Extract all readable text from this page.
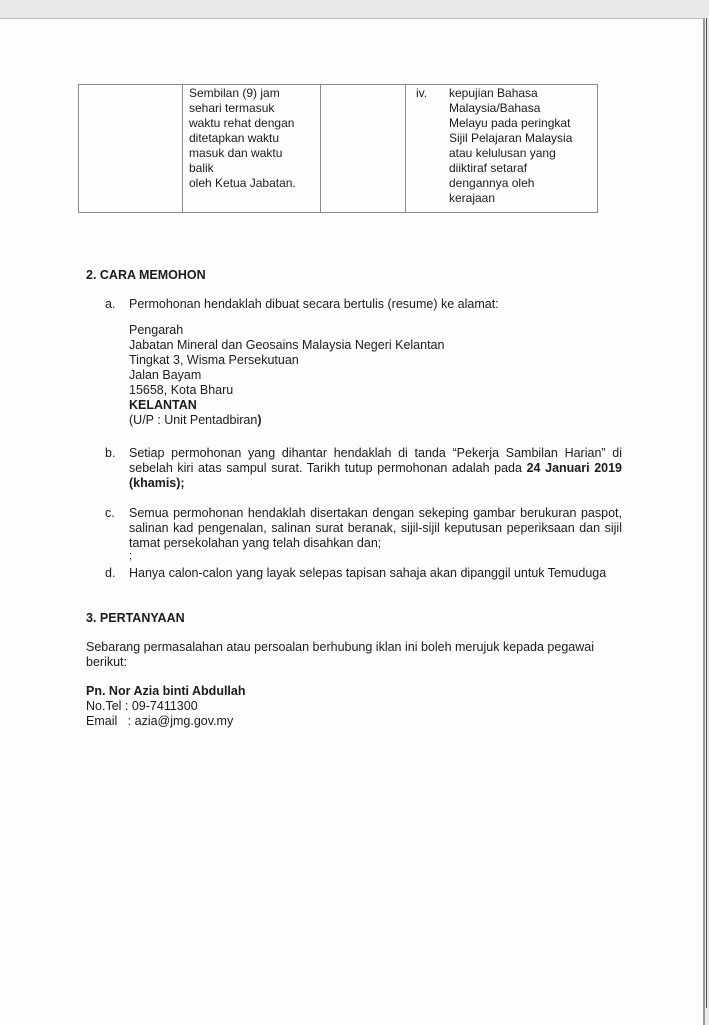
Sembilan (9) jam
sehari termasuk
waktu rehat dengan
ditetapkan waktu
masuk dan waktu
balik
oleh Ketua Jabatan.
		iv.	kepujian Bahasa
Malaysia/Bahasa
Melayu pada peringkat
Sijil Pelajaran Malaysia
atau kelulusan yang
diiktiraf setaraf
dengannya oleh
kerajaan
2. CARA MEMOHON
a. Permohonan hendaklah dibuat secara bertulis (resume) ke alamat:
Pengarah
Jabatan Mineral dan Geosains Malaysia Negeri Kelantan
Tingkat 3, Wisma Persekutuan
Jalan Bayam
15658, Kota Bharu
KELANTAN
(U/P : Unit Pentadbiran)
b. Setiap permohonan yang dihantar hendaklah di tanda “Pekerja Sambilan Harian” di sebelah kiri atas sampul surat. Tarikh tutup permohonan adalah pada 24 Januari 2019 (khamis);
c. Semua permohonan hendaklah disertakan dengan sekeping gambar berukuran paspot, salinan kad pengenalan, salinan surat beranak, sijil-sijil keputusan peperiksaan dan sijil tamat persekolahan yang telah disahkan dan;
;
d. Hanya calon-calon yang layak selepas tapisan sahaja akan dipanggil untuk Temuduga
3. PERTANYAAN
Sebarang permasalahan atau persoalan berhubung iklan ini boleh merujuk kepada pegawai berikut:
Pn. Nor Azia binti Abdullah
No.Tel : 09-7411300
Email   : azia@jmg.gov.my
